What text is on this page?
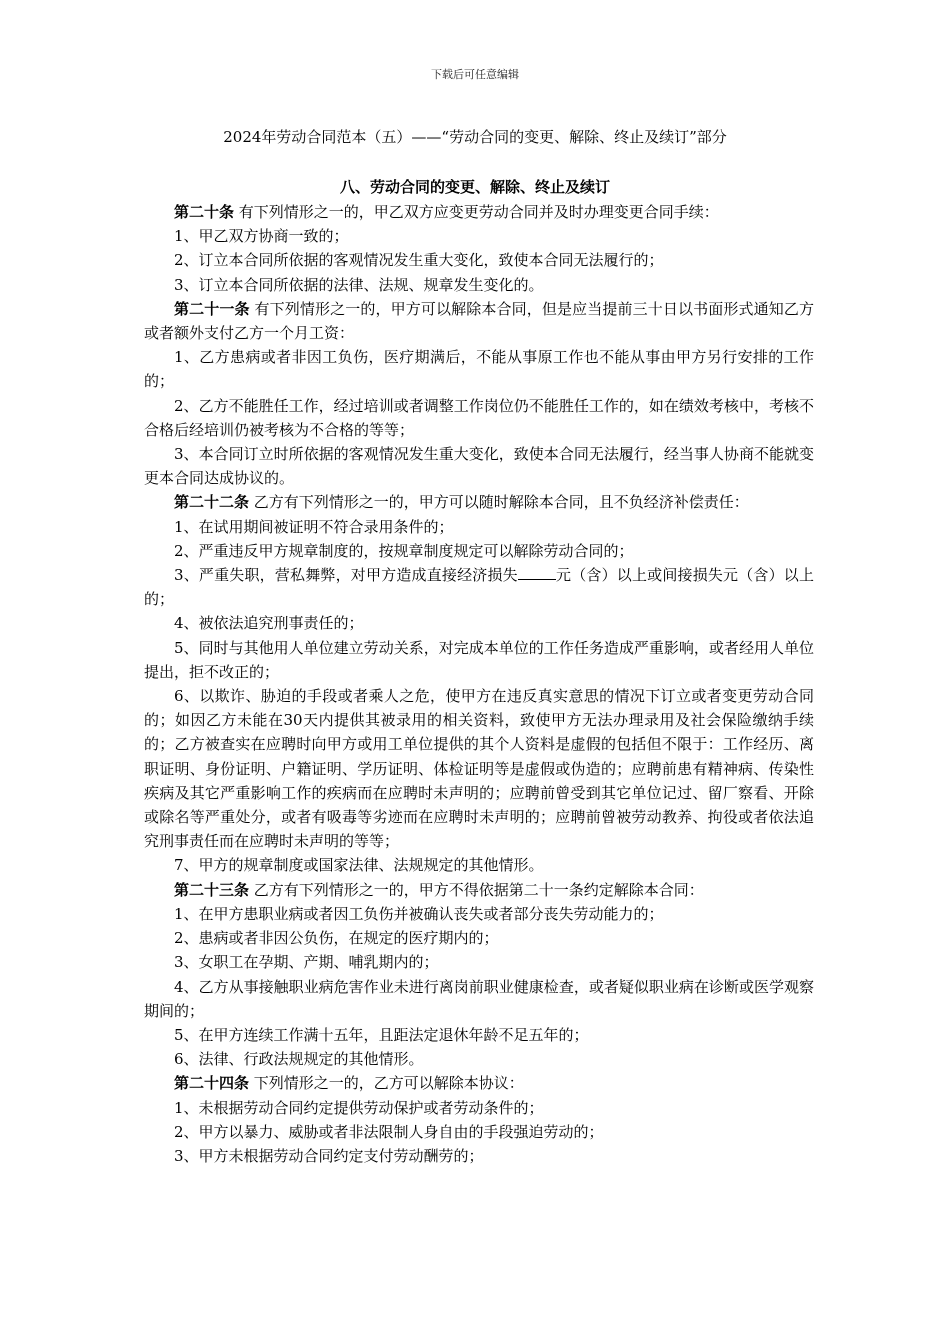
下载后可任意编辑
2024年劳动合同范本（五）——“劳动合同的变更、解除、终止及续订”部分
八、劳动合同的变更、解除、终止及续订

第二十条 有下列情形之一的，甲乙双方应变更劳动合同并及时办理变更合同手续：

1、甲乙双方协商一致的；

2、订立本合同所依据的客观情况发生重大变化，致使本合同无法履行的；

3、订立本合同所依据的法律、法规、规章发生变化的。

第二十一条 有下列情形之一的，甲方可以解除本合同，但是应当提前三十日以书面形式通知乙方或者额外支付乙方一个月工资：

1、乙方患病或者非因工负伤，医疗期满后，不能从事原工作也不能从事由甲方另行安排的工作的；

2、乙方不能胜任工作，经过培训或者调整工作岗位仍不能胜任工作的，如在绩效考核中，考核不合格后经培训仍被考核为不合格的等等；

3、本合同订立时所依据的客观情况发生重大变化，致使本合同无法履行，经当事人协商不能就变更本合同达成协议的。

第二十二条 乙方有下列情形之一的，甲方可以随时解除本合同，且不负经济补偿责任：

1、在试用期间被证明不符合录用条件的；

2、严重违反甲方规章制度的，按规章制度规定可以解除劳动合同的；

3、严重失职，营私舞弊，对甲方造成直接经济损失	元（含）以上或间接损失元（含）以上的；

4、被依法追究刑事责任的；

5、同时与其他用人单位建立劳动关系，对完成本单位的工作任务造成严重影响，或者经用人单位提出，拒不改正的；

6、以欺诈、胁迫的手段或者乘人之危，使甲方在违反真实意思的情况下订立或者变更劳动合同的；如因乙方未能在30天内提供其被录用的相关资料，致使甲方无法办理录用及社会保险缴纳手续的；乙方被查实在应聘时向甲方或用工单位提供的其个人资料是虚假的包括但不限于：工作经历、离职证明、身份证明、户籍证明、学历证明、体检证明等是虚假或伪造的；应聘前患有精神病、传染性疾病及其它严重影响工作的疾病而在应聘时未声明的；应聘前曾受到其它单位记过、留厂察看、开除或除名等严重处分，或者有吸毒等劣迹而在应聘时未声明的；应聘前曾被劳动教养、拘役或者依法追究刑事责任而在应聘时未声明的等等；

7、甲方的规章制度或国家法律、法规规定的其他情形。

第二十三条 乙方有下列情形之一的，甲方不得依据第二十一条约定解除本合同：

1、在甲方患职业病或者因工负伤并被确认丧失或者部分丧失劳动能力的；

2、患病或者非因公负伤，在规定的医疗期内的；

3、女职工在孕期、产期、哺乳期内的；

4、乙方从事接触职业病危害作业未进行离岗前职业健康检查，或者疑似职业病在诊断或医学观察期间的；

5、在甲方连续工作满十五年，且距法定退休年龄不足五年的；

6、法律、行政法规规定的其他情形。

第二十四条 下列情形之一的，乙方可以解除本协议：

1、未根据劳动合同约定提供劳动保护或者劳动条件的；

2、甲方以暴力、威胁或者非法限制人身自由的手段强迫劳动的；

3、甲方未根据劳动合同约定支付劳动酬劳的；
